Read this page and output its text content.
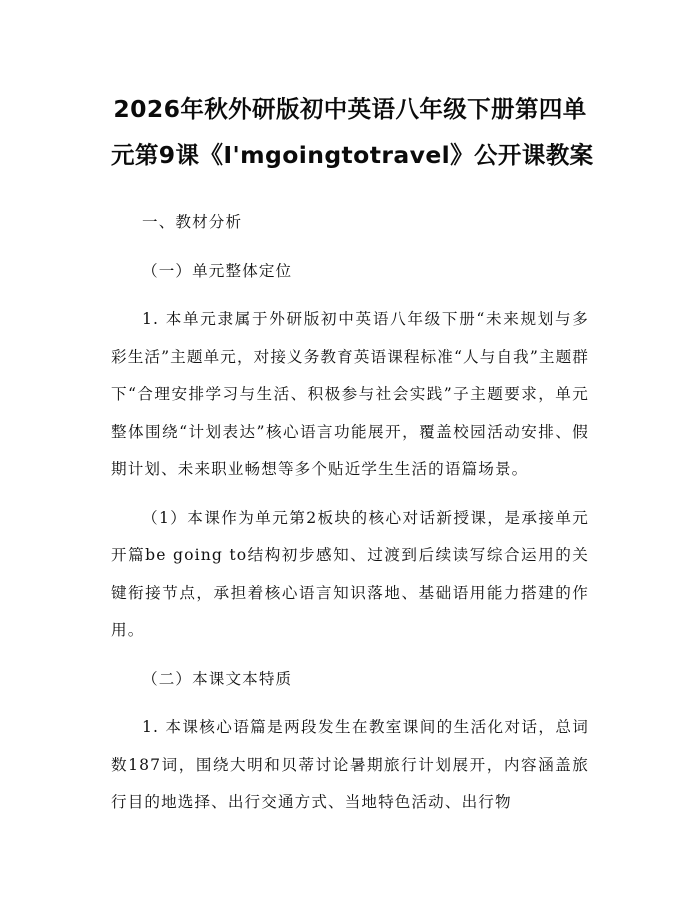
2026年秋外研版初中英语八年级下册第四单
元第9课《I'mgoingtotravel》公开课教案

一、教材分析

（一）单元整体定位

1. 本单元隶属于外研版初中英语八年级下册“未来规划与多彩生活”主题单元，对接义务教育英语课程标准“人与自我”主题群下“合理安排学习与生活、积极参与社会实践”子主题要求，单元整体围绕“计划表达”核心语言功能展开，覆盖校园活动安排、假期计划、未来职业畅想等多个贴近学生生活的语篇场景。

（1）本课作为单元第2板块的核心对话新授课，是承接单元开篇be going to结构初步感知、过渡到后续读写综合运用的关键衔接节点，承担着核心语言知识落地、基础语用能力搭建的作用。

（二）本课文本特质

1. 本课核心语篇是两段发生在教室课间的生活化对话，总词数187词，围绕大明和贝蒂讨论暑期旅行计划展开，内容涵盖旅行目的地选择、出行交通方式、当地特色活动、出行物
